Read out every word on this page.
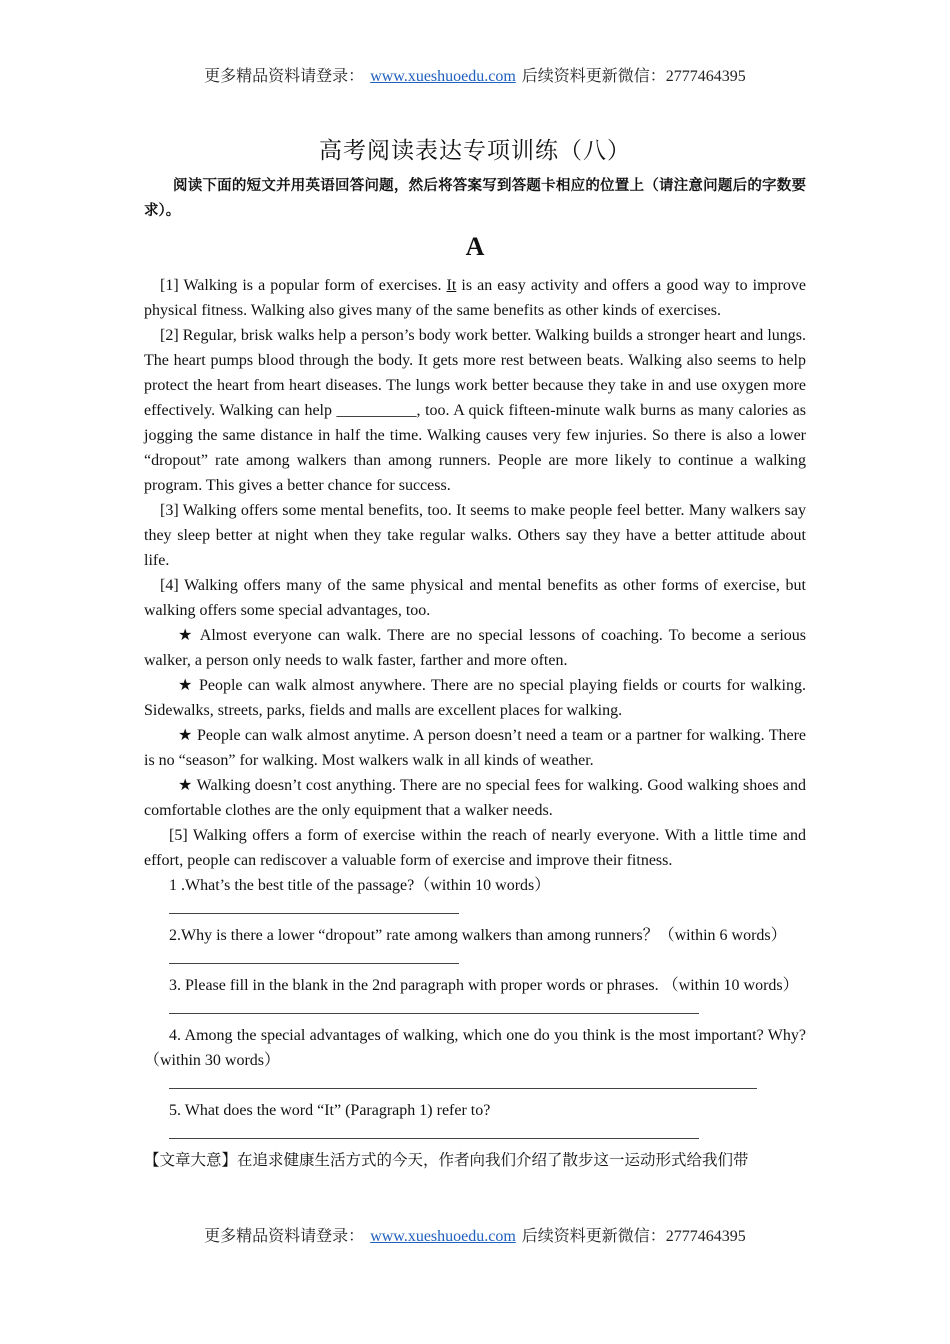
更多精品资料请登录： www.xueshuoedu.com 后续资料更新微信：2777464395
高考阅读表达专项训练（八）
阅读下面的短文并用英语回答问题，然后将答案写到答题卡相应的位置上（请注意问题后的字数要求）。
A

[1] Walking is a popular form of exercises. It is an easy activity and offers a good way to improve physical fitness. Walking also gives many of the same benefits as other kinds of exercises.

[2] Regular, brisk walks help a person’s body work better. Walking builds a stronger heart and lungs. The heart pumps blood through the body. It gets more rest between beats. Walking also seems to help protect the heart from heart diseases. The lungs work better because they take in and use oxygen more effectively. Walking can help __________, too. A quick fifteen-minute walk burns as many calories as jogging the same distance in half the time. Walking causes very few injuries. So there is also a lower “dropout” rate among walkers than among runners. People are more likely to continue a walking program. This gives a better chance for success.

[3] Walking offers some mental benefits, too. It seems to make people feel better. Many walkers say they sleep better at night when they take regular walks. Others say they have a better attitude about life.

[4] Walking offers many of the same physical and mental benefits as other forms of exercise, but walking offers some special advantages, too.

★ Almost everyone can walk. There are no special lessons of coaching. To become a serious walker, a person only needs to walk faster, farther and more often.

★ People can walk almost anywhere. There are no special playing fields or courts for walking. Sidewalks, streets, parks, fields and malls are excellent places for walking.

★ People can walk almost anytime. A person doesn’t need a team or a partner for walking. There is no “season” for walking. Most walkers walk in all kinds of weather.

★ Walking doesn’t cost anything. There are no special fees for walking. Good walking shoes and comfortable clothes are the only equipment that a walker needs.

[5] Walking offers a form of exercise within the reach of nearly everyone. With a little time and effort, people can rediscover a valuable form of exercise and improve their fitness.

1 .What’s the best title of the passage?（within 10 words）

2.Why is there a lower “dropout” rate among walkers than among runners？（within 6 words）

3. Please fill in the blank in the 2nd paragraph with proper words or phrases. （within 10 words）

4. Among the special advantages of walking, which one do you think is the most important? Why?（within 30 words）

5. What does the word “It” (Paragraph 1) refer to?

【文章大意】在追求健康生活方式的今天，作者向我们介绍了散步这一运动形式给我们带

更多精品资料请登录： www.xueshuoedu.com 后续资料更新微信：2777464395
